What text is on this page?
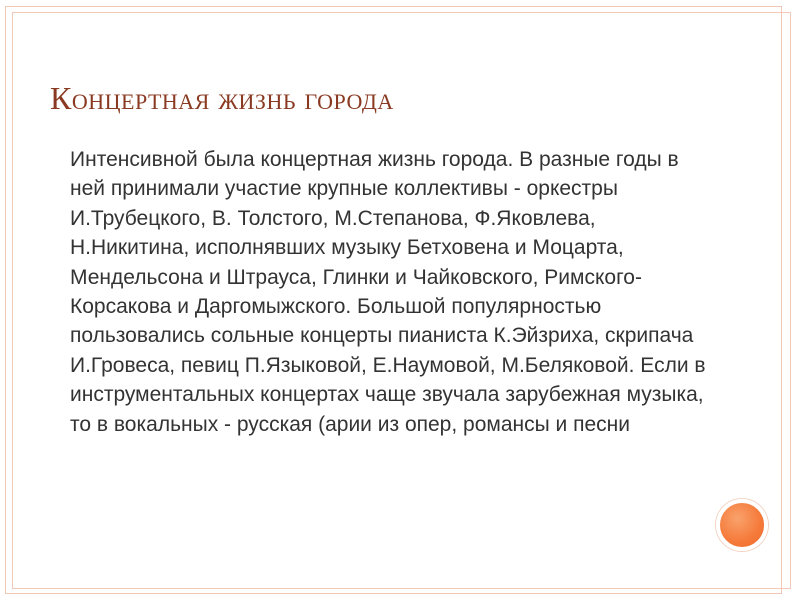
Концертная жизнь города
Интенсивной была концертная жизнь города. В разные годы в ней принимали участие крупные коллективы - оркестры И.Трубецкого, В. Толстого, М.Степанова, Ф.Яковлева, Н.Никитина, исполнявших музыку Бетховена и Моцарта, Мендельсона и Штрауса, Глинки и Чайковского, Римского-Корсакова и Даргомыжского. Большой популярностью пользовались сольные концерты пианиста К.Эйзриха, скрипача И.Гровеса, певиц П.Языковой, Е.Наумовой, М.Беляковой. Если в инструментальных концертах чаще звучала зарубежная музыка, то в вокальных - русская (арии из опер, романсы и песни
